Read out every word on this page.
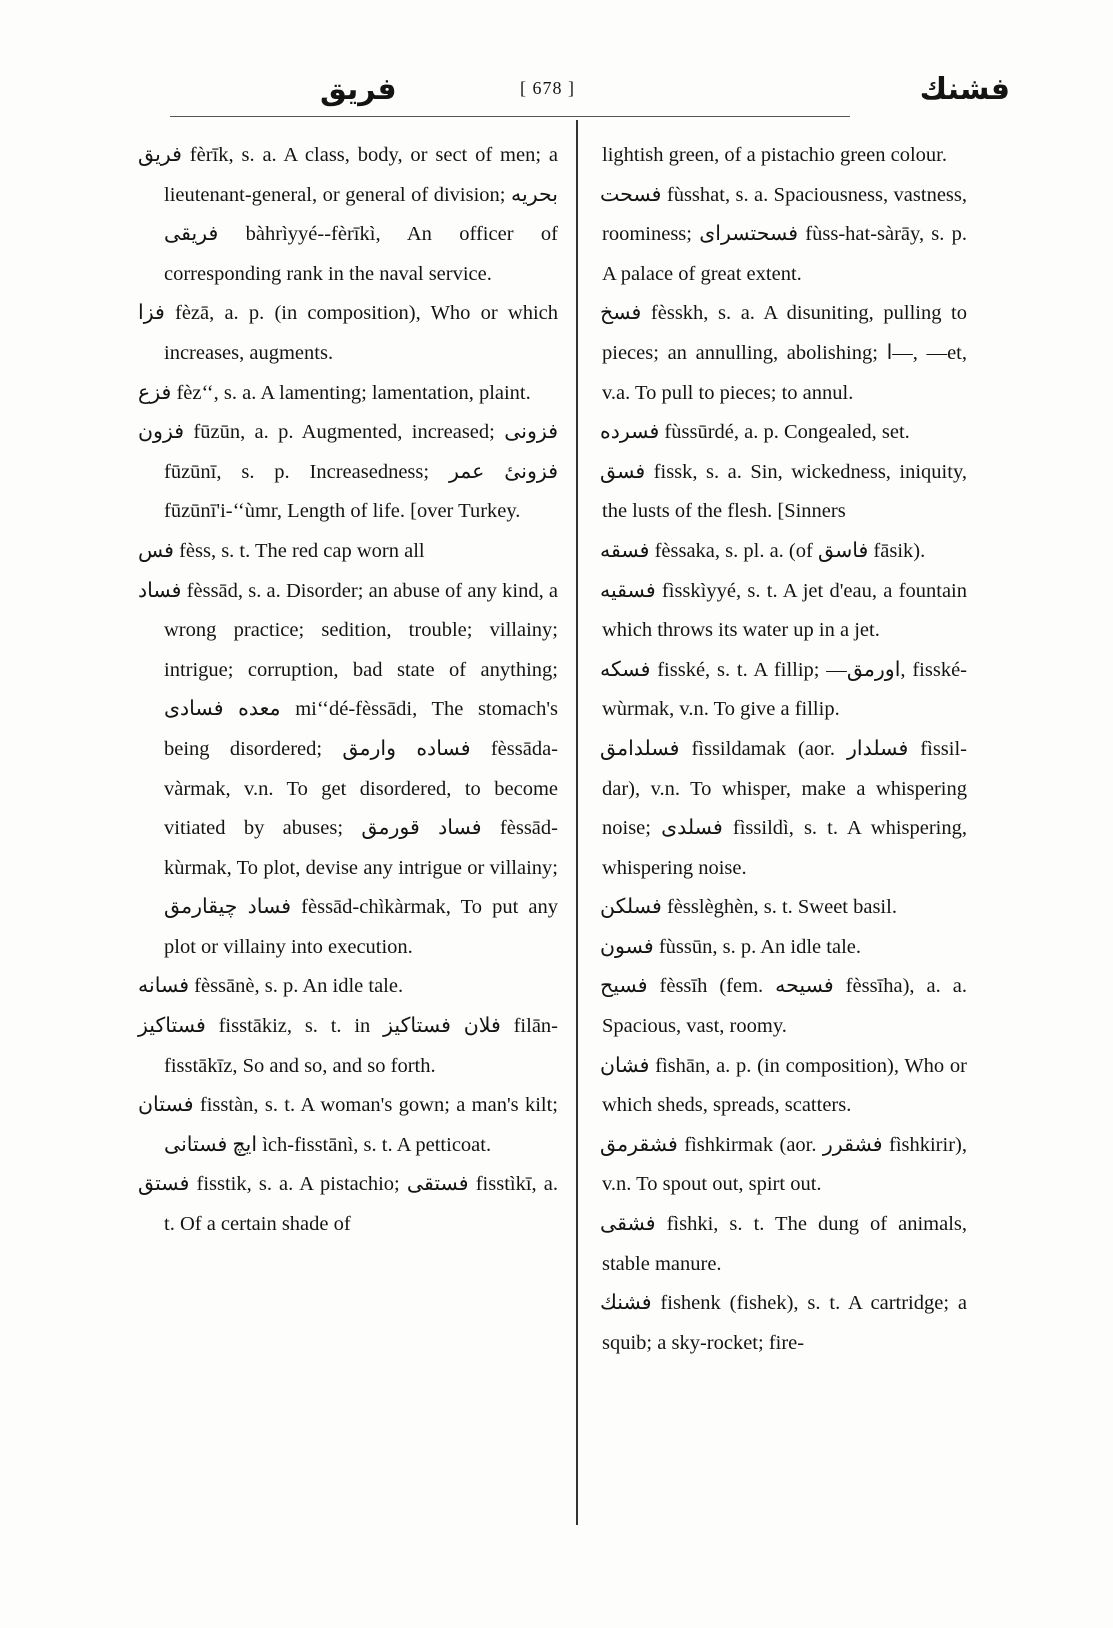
فريق	[ 678 ]	فشنك

فريق fèrīk, s. a. A class, body, or sect of men; a lieutenant-general, or general of division; بحريه فريقى bàhrìyyé--fèrīkì, An officer of corresponding rank in the naval service.

فزا fèzā, a. p. (in composition), Who or which increases, augments.

فزع fèz‘‘, s. a. A lamenting; lamentation, plaint.

فزون fūzūn, a. p. Augmented, increased; فزونى fūzūnī, s. p. Increasedness; فزونىٔ عمر fūzūnī'i-‘‘ùmr, Length of life. [over Turkey.

فس fèss, s. t. The red cap worn all

فساد fèssād, s. a. Disorder; an abuse of any kind, a wrong practice; sedition, trouble; villainy; intrigue; corruption, bad state of anything; معده فسادى mi‘‘dé-fèssādi, The stomach's being disordered; فساده وارمق fèssāda-vàrmak, v.n. To get disordered, to become vitiated by abuses; فساد قورمق fèssād-kùrmak, To plot, devise any intrigue or villainy; فساد چيقارمق fèssād-chìkàrmak, To put any plot or villainy into execution.

فسانه fèssānè, s. p. An idle tale.

فستاكيز fisstākiz, s. t. in فلان فستاكيز filān-fisstākīz, So and so, and so forth.

فستان fisstàn, s. t. A woman's gown; a man's kilt; ايچ فستانى ìch-fisstānì, s. t. A petticoat.

فستق fisstik, s. a. A pistachio; فستقى fisstìkī, a. t. Of a certain shade of

lightish green, of a pistachio green colour.

فسحت fùsshat, s. a. Spaciousness, vastness, roominess; فسحتسراى fùss-hat-sàrāy, s. p. A palace of great extent.

فسخ fèsskh, s. a. A disuniting, pulling to pieces; an annulling, abolishing; ا—, —et, v.a. To pull to pieces; to annul.

فسرده fùssūrdé, a. p. Congealed, set.

فسق fissk, s. a. Sin, wickedness, iniquity, the lusts of the flesh. [Sinners

فسقه fèssaka, s. pl. a. (of فاسق fāsik).

فسقيه fìsskìyyé, s. t. A jet d'eau, a fountain which throws its water up in a jet.

فسكه fisské, s. t. A fillip; —اورمق, fisské-wùrmak, v.n. To give a fillip.

فسلدامق fìssildamak (aor. فسلدار fìssil-dar), v.n. To whisper, make a whispering noise; فسلدى fìssildì, s. t. A whispering, whispering noise.

فسلكن fèsslèghèn, s. t. Sweet basil.

فسون fùssūn, s. p. An idle tale.

فسيح fèssīh (fem. فسيحه fèssīha), a. a. Spacious, vast, roomy.

فشان fìshān, a. p. (in composition), Who or which sheds, spreads, scatters.

فشقرمق fìshkirmak (aor. فشقرر fìshkirir), v.n. To spout out, spirt out.

فشقى fìshki, s. t. The dung of animals, stable manure.

فشنك fishenk (fishek), s. t. A cartridge; a squib; a sky-rocket; fire-
